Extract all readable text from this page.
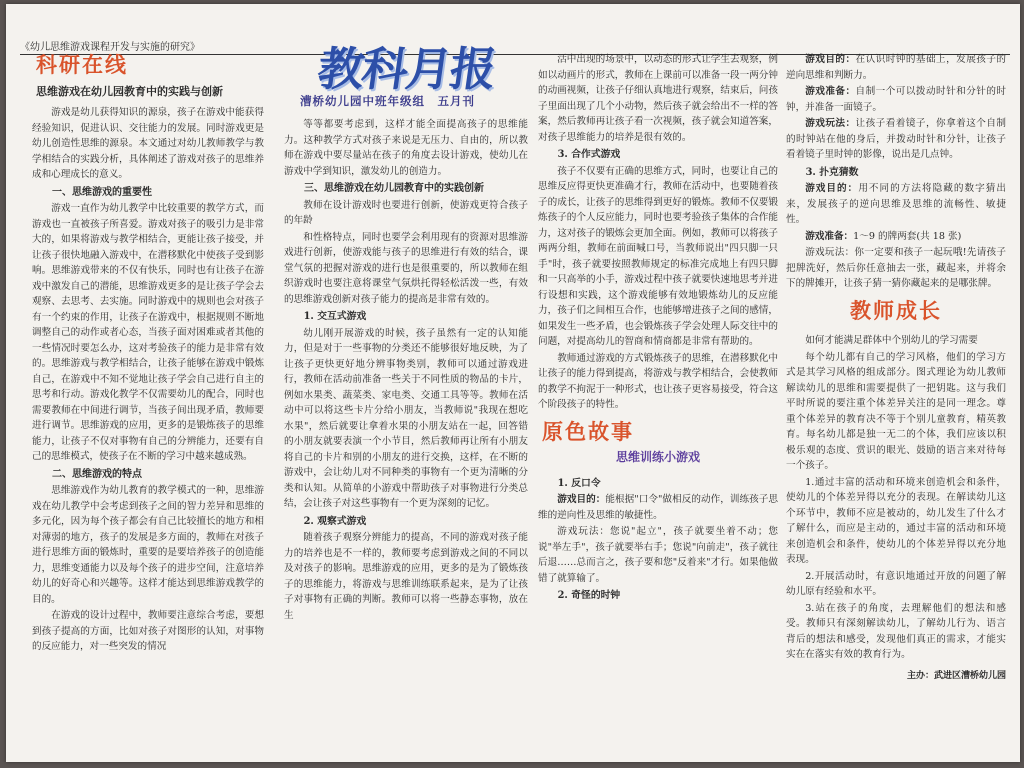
《幼儿思维游戏课程开发与实施的研究》
科研在线
思维游戏在幼儿园教育中的实践与创新

游戏是幼儿获得知识的源泉，孩子在游戏中能获得经验知识，促进认识、交往能力的发展。同时游戏更是幼儿创造性思维的源泉。本文通过对幼儿教师教学与教学相结合的实践分析，具体阐述了游戏对孩子的思维养成和心理成长的意义。

一、思维游戏的重要性

游戏一直作为幼儿教学中比较重要的教学方式，而游戏也一直被孩子所喜爱。游戏对孩子的吸引力是非常大的，如果将游戏与教学相结合，更能让孩子接受，并让孩子很快地融入游戏中，在潜移默化中使孩子受到影响。思维游戏带来的不仅有快乐，同时也有让孩子在游戏中激发自己的潜能，思维游戏更多的是让孩子学会去观察、去思考、去实施。同时游戏中的规则也会对孩子有一个约束的作用，让孩子在游戏中，根据规则不断地调整自己的动作或者心态，当孩子面对困难或者其他的一些情况时要怎么办，这对考验孩子的能力是非常有效的。思维游戏与教学相结合，让孩子能够在游戏中锻炼自己，在游戏中不知不觉地让孩子学会自己进行自主的思考和行动。游戏化教学不仅需要幼儿的配合，同时也需要教师在中间进行调节，当孩子间出现矛盾，教师要进行调节。思维游戏的应用，更多的是锻炼孩子的思维能力，让孩子不仅对事物有自己的分辨能力，还要有自己的思维模式，使孩子在不断的学习中越来越成熟。

二、思维游戏的特点

思维游戏作为幼儿教育的教学模式的一种，思维游戏在幼儿教学中会考虑到孩子之间的智力差异和思维的多元化，因为每个孩子都会有自己比较擅长的地方和相对薄弱的地方，孩子的发展是多方面的，教师在对孩子进行思维方面的锻炼时，重要的是要培养孩子的创造能力，思维变通能力以及每个孩子的进步空间，注意培养幼儿的好奇心和兴趣等。这样才能达到思维游戏教学的目的。

在游戏的设计过程中，教师要注意综合考虑，要想到孩子提高的方面，比如对孩子对图形的认知，对事物的反应能力，对一些突发的情况

教科月报
漕桥幼儿园中班年级组　五月刊

等等都要考虑到，这样才能全面提高孩子的思维能力。这种教学方式对孩子来说是无压力、自由的，所以教师在游戏中要尽量站在孩子的角度去设计游戏，使幼儿在游戏中学到知识，激发幼儿的创造力。

三、思维游戏在幼儿园教育中的实践创新

教师在设计游戏时也要进行创新，使游戏更符合孩子的年龄

和性格特点，同时也要学会利用现有的资源对思维游戏进行创新，使游戏能与孩子的思维进行有效的结合，课堂气氛的把握对游戏的进行也是很重要的，所以教师在组织游戏时也要注意将课堂气氛烘托得轻松活泼一些，有效的思维游戏创新对孩子能力的提高是非常有效的。

1. 交互式游戏

幼儿刚开展游戏的时候，孩子虽然有一定的认知能力，但是对于一些事物的分类还不能够很好地反映，为了让孩子更快更好地分辨事物类别，教师可以通过游戏进行，教师在活动前准备一些关于不同性质的物品的卡片，例如水果类、蔬菜类、家电类、交通工具等等。教师在活动中可以将这些卡片分给小朋友，当教师说"我现在想吃水果"，然后就要让拿着水果的小朋友站在一起，回答错的小朋友就要表演一个小节目，然后教师再让所有小朋友将自己的卡片和别的小朋友的进行交换，这样，在不断的游戏中，会让幼儿对不同种类的事物有一个更为清晰的分类和认知。从简单的小游戏中帮助孩子对事物进行分类总结，会让孩子对这些事物有一个更为深刻的记忆。

2. 观察式游戏

随着孩子观察分辨能力的提高，不同的游戏对孩子能力的培养也是不一样的，教师要考虑到游戏之间的不同以及对孩子的影响。思维游戏的应用，更多的是为了锻炼孩子的思维能力，将游戏与思维训练联系起来，是为了让孩子对事物有正确的判断。教师可以将一些静态事物，放在生

活中出现的场景中，以动态的形式让学生去观察，例如以动画片的形式，教师在上课前可以准备一段一两分钟的动画视频，让孩子仔细认真地进行观察，结束后，问孩子里面出现了几个小动物，然后孩子就会给出不一样的答案，然后教师再让孩子看一次视频，孩子就会知道答案，对孩子思维能力的培养是很有效的。

3. 合作式游戏

孩子不仅要有正确的思维方式，同时，也要让自己的思维反应得更快更准确才行，教师在活动中，也要随着孩子的成长，让孩子的思维得到更好的锻炼。教师不仅要锻炼孩子的个人反应能力，同时也要考验孩子集体的合作能力，这对孩子的锻炼会更加全面。例如，教师可以将孩子两两分组，教师在前面喊口号，当教师说出"四只脚一只手"时，孩子就要按照教师规定的标准完成地上有四只脚和一只高举的小手，游戏过程中孩子就要快速地思考并进行设想和实践，这个游戏能够有效地锻炼幼儿的反应能力，孩子们之间相互合作，也能够增进孩子之间的感情，如果发生一些矛盾，也会锻炼孩子学会处理人际交往中的问题，对提高幼儿的智商和情商都是非常有帮助的。

教师通过游戏的方式锻炼孩子的思维，在潜移默化中让孩子的能力得到提高，将游戏与教学相结合，会使教师的教学不拘泥于一种形式，也让孩子更容易接受，符合这个阶段孩子的特性。

原色故事
思维训练小游戏
1. 反口令

游戏目的：能根据"口令"做相反的动作，训练孩子思维的逆向性及思维的敏捷性。

游戏玩法：您说"起立"，孩子就要坐着不动；您说"举左手"，孩子就要举右手；您说"向前走"，孩子就往后退……总而言之，孩子要和您"反着来"才行。如果他做错了就算输了。

2. 奇怪的时钟

游戏目的：在认识时钟的基础上，发展孩子的逆向思维和判断力。

游戏准备：自制一个可以拨动时针和分针的时钟，并准备一面镜子。

游戏玩法：让孩子看着镜子，你拿着这个自制的时钟站在他的身后，并拨动时针和分针，让孩子看着镜子里时钟的影像，说出是几点钟。

3. 扑克猜数

游戏目的：用不同的方法将隐藏的数字猜出来，发展孩子的逆向思维及思维的流畅性、敏捷性。

游戏准备：1～9 的牌两套(共 18 张)

游戏玩法：你一定要和孩子一起玩哦!先请孩子把牌洗好，然后你任意抽去一张，藏起来，并将余下的牌摊开，让孩子猜一猜你藏起来的是哪张牌。

教师成长

如何才能满足群体中个别幼儿的学习需要

每个幼儿都有自己的学习风格，他们的学习方式是其学习风格的组成部分。图式理论为幼儿教师解读幼儿的思维和需要提供了一把钥匙。这与我们平时所说的要注重个体差异关注的是同一理念。尊重个体差异的教育决不等于个别儿童教育，精英教育。每名幼儿都是独一无二的个体，我们应该以积极乐观的态度、赏识的眼光、鼓励的语言来对待每一个孩子。

1.通过丰富的活动和环境来创造机会和条件，使幼儿的个体差异得以充分的表现。在解读幼儿这个环节中，教师不应是被动的，幼儿发生了什么才了解什么，而应是主动的，通过丰富的活动和环境来创造机会和条件，使幼儿的个体差异得以充分地表现。

2.开展活动时，有意识地通过开放的问题了解幼儿原有经验和水平。

3.站在孩子的角度，去理解他们的想法和感受。教师只有深刻解读幼儿，了解幼儿行为、语言背后的想法和感受，发现他们真正的需求，才能实实在在落实有效的教育行为。

主办：武进区漕桥幼儿园
